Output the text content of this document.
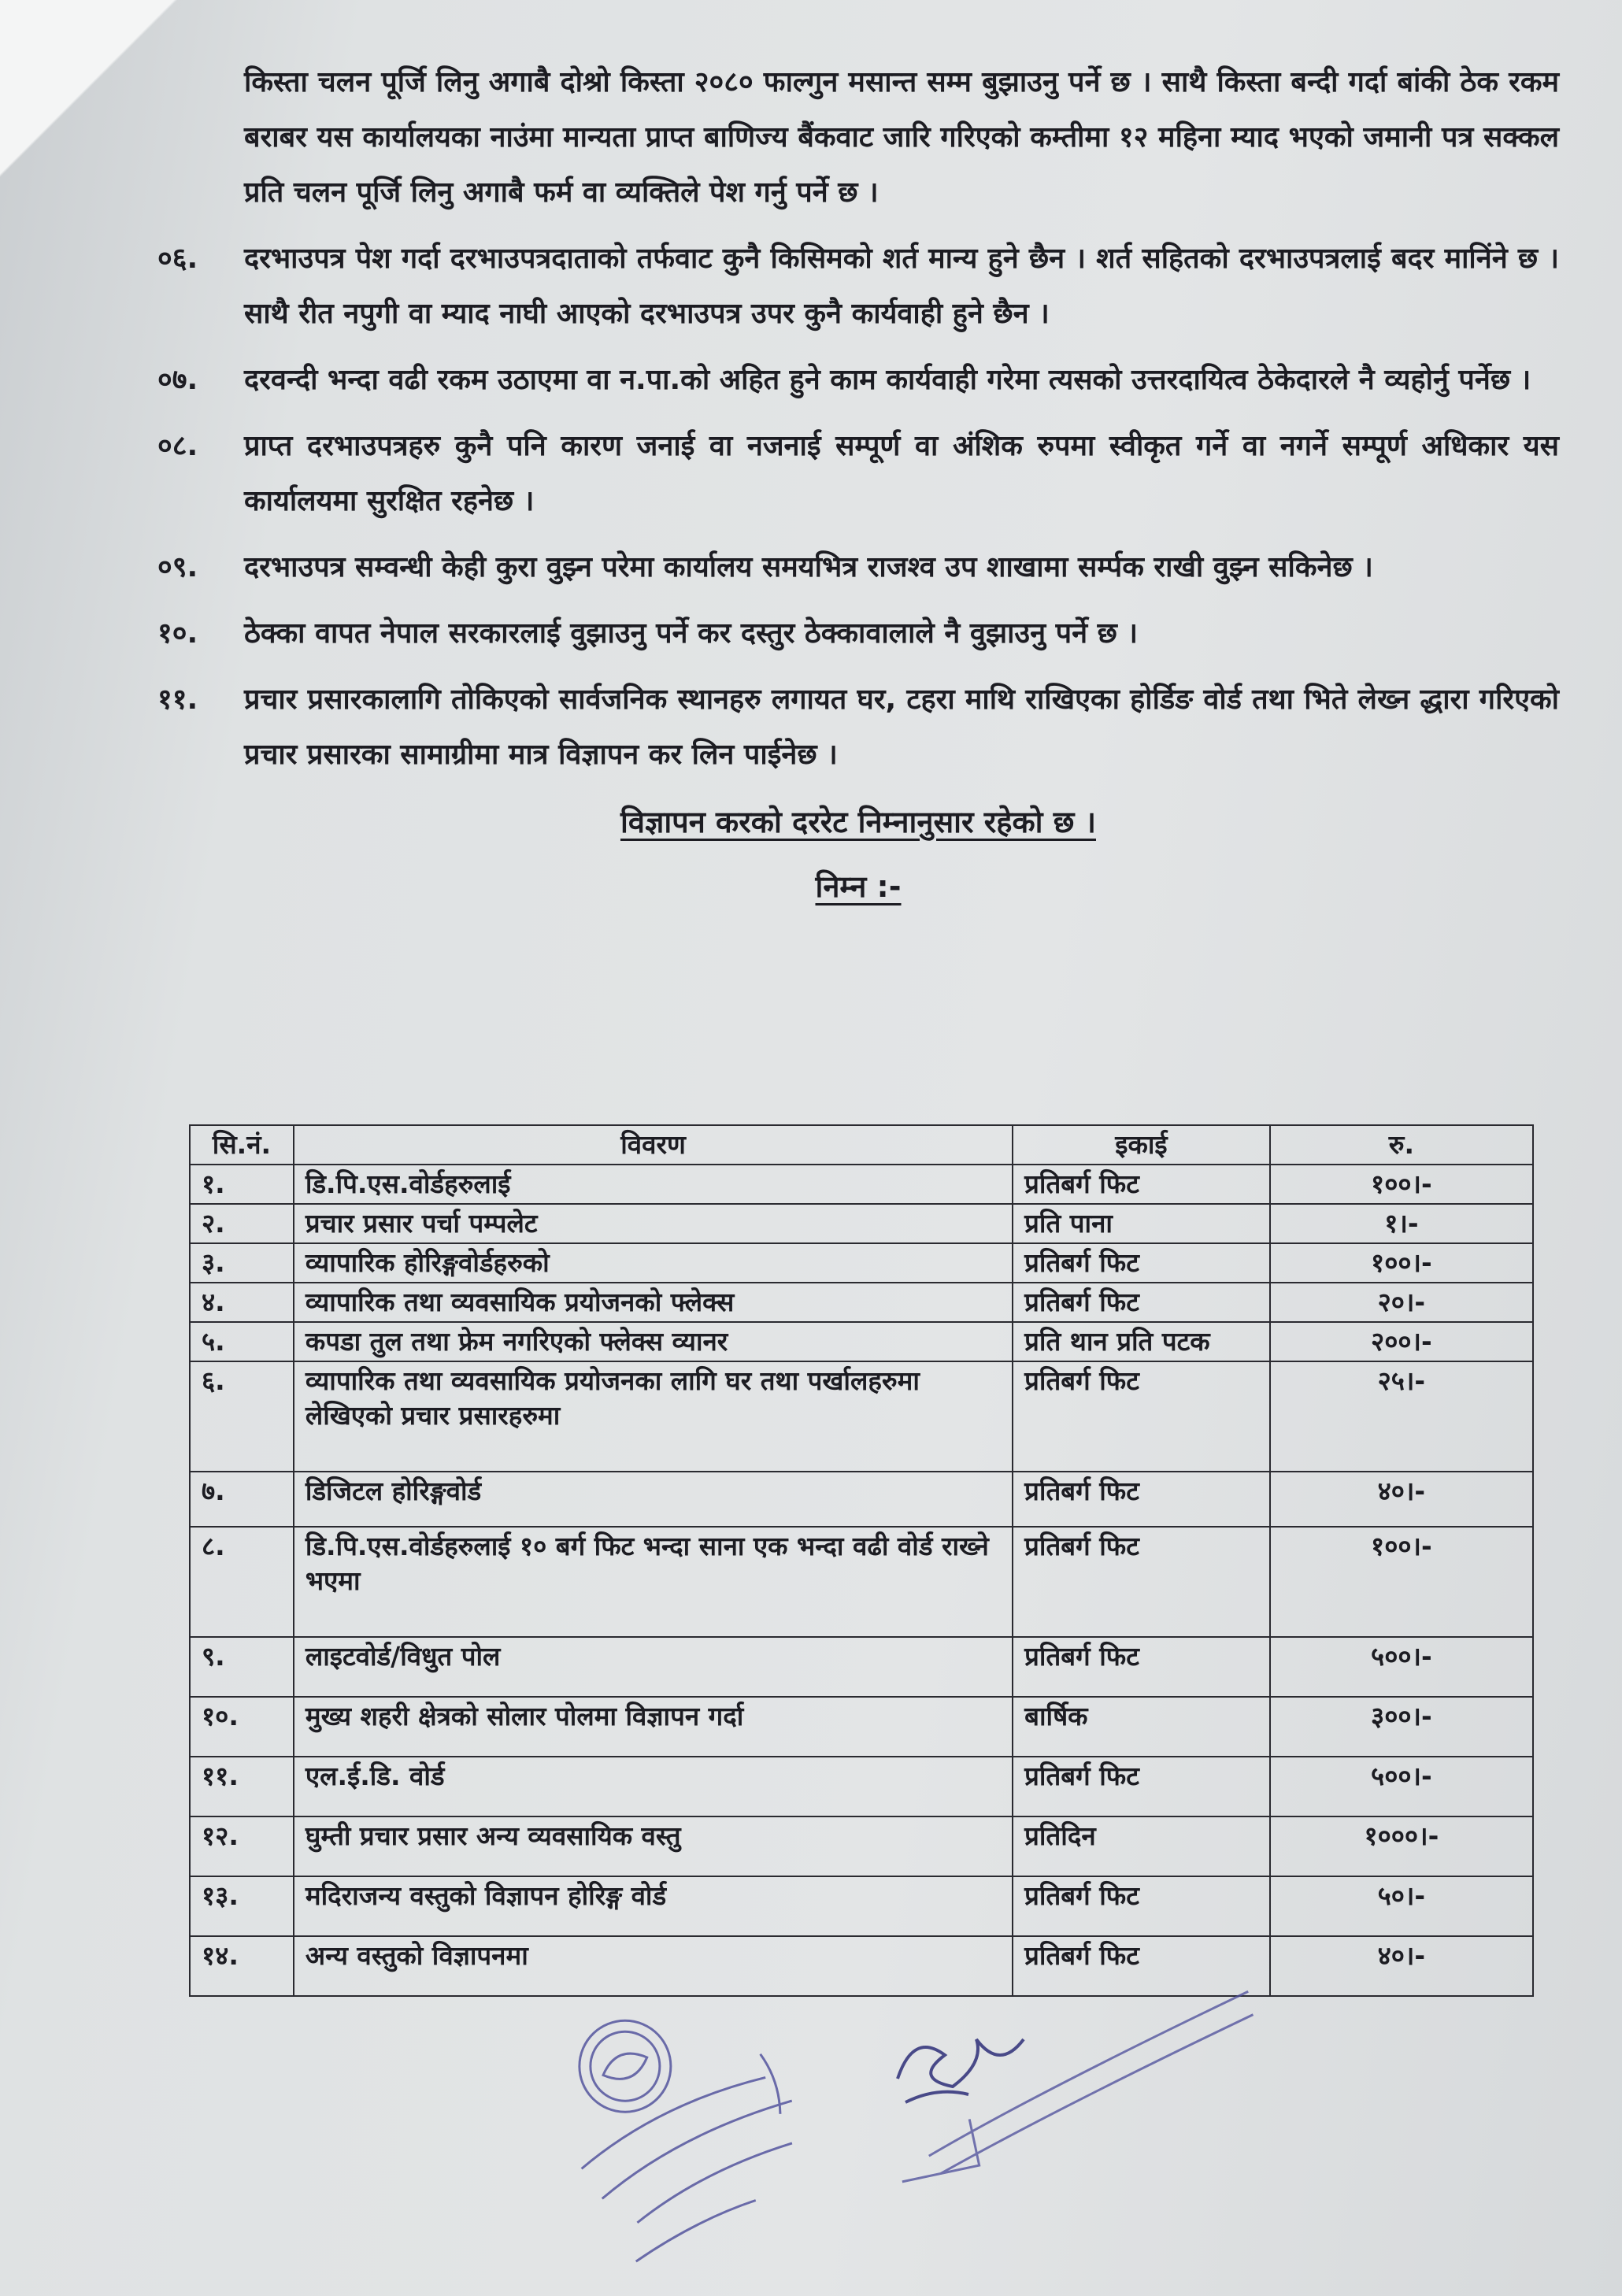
किस्ता चलन पूर्जि लिनु अगाबै दोश्रो किस्ता २०८० फाल्गुन मसान्त सम्म बुझाउनु पर्ने छ । साथै किस्ता बन्दी गर्दा बांकी ठेक रकम बराबर यस कार्यालयका नाउंमा मान्यता प्राप्त बाणिज्य बैंकवाट जारि गरिएको कम्तीमा १२ महिना म्याद भएको जमानी पत्र सक्कल प्रति चलन पूर्जि लिनु अगाबै फर्म वा व्यक्तिले पेश गर्नु पर्ने छ ।

०६.	दरभाउपत्र पेश गर्दा दरभाउपत्रदाताको तर्फवाट कुनै किसिमको शर्त मान्य हुने छैन । शर्त सहितको दरभाउपत्रलाई बदर मानिंने छ । साथै रीत नपुगी वा म्याद नाघी आएको दरभाउपत्र उपर कुनै कार्यवाही हुने छैन ।
०७.	दरवन्दी भन्दा वढी रकम उठाएमा वा न.पा.को अहित हुने काम कार्यवाही गरेमा त्यसको उत्तरदायित्व ठेकेदारले नै व्यहोर्नु पर्नेछ ।
०८.	प्राप्त दरभाउपत्रहरु कुनै पनि कारण जनाई वा नजनाई सम्पूर्ण वा अंशिक रुपमा स्वीकृत गर्ने वा नगर्ने सम्पूर्ण अधिकार यस कार्यालयमा सुरक्षित रहनेछ ।
०९.	दरभाउपत्र सम्वन्धी केही कुरा वुझ्न परेमा कार्यालय समयभित्र राजश्व उप शाखामा सर्म्पक राखी वुझ्न सकिनेछ ।
१०.	ठेक्का वापत नेपाल सरकारलाई वुझाउनु पर्ने कर दस्तुर ठेक्कावालाले नै वुझाउनु पर्ने छ ।
११.	प्रचार प्रसारकालागि तोकिएको सार्वजनिक स्थानहरु लगायत घर, टहरा माथि राखिएका होर्डिङ वोर्ड तथा भिते लेख्न द्धारा गरिएको प्रचार प्रसारका सामाग्रीमा मात्र विज्ञापन कर लिन पाईनेछ ।
विज्ञापन करको दररेट निम्नानुसार रहेको छ ।
निम्न :-
सि.नं.	विवरण	इकाई	रु.
१.	डि.पि.एस.वोर्डहरुलाई	प्रतिबर्ग फिट	१००।-
२.	प्रचार प्रसार पर्चा पम्पलेट	प्रति पाना	१।-
३.	व्यापारिक होरिङ्गवोर्डहरुको	प्रतिबर्ग फिट	१००।-
४.	व्यापारिक तथा व्यवसायिक प्रयोजनको फ्लेक्स	प्रतिबर्ग फिट	२०।-
५.	कपडा तुल तथा फ्रेम नगरिएको फ्लेक्स व्यानर	प्रति थान प्रति पटक	२००।-
६.	व्यापारिक तथा व्यवसायिक प्रयोजनका लागि घर तथा पर्खालहरुमा लेखिएको प्रचार प्रसारहरुमा	प्रतिबर्ग फिट	२५।-
७.	डिजिटल होरिङ्गवोर्ड	प्रतिबर्ग फिट	४०।-
८.	डि.पि.एस.वोर्डहरुलाई १० बर्ग फिट भन्दा साना एक भन्दा वढी वोर्ड राख्ने भएमा	प्रतिबर्ग फिट	१००।-
९.	लाइटवोर्ड/विधुत पोल	प्रतिबर्ग फिट	५००।-
१०.	मुख्य शहरी क्षेत्रको सोलार पोलमा विज्ञापन गर्दा	बार्षिक	३००।-
११.	एल.ई.डि. वोर्ड	प्रतिबर्ग फिट	५००।-
१२.	घुम्ती प्रचार प्रसार अन्य व्यवसायिक वस्तु	प्रतिदिन	१०००।-
१३.	मदिराजन्य वस्तुको विज्ञापन होरिङ्ग वोर्ड	प्रतिबर्ग फिट	५०।-
१४.	अन्य वस्तुको विज्ञापनमा	प्रतिबर्ग फिट	४०।-
